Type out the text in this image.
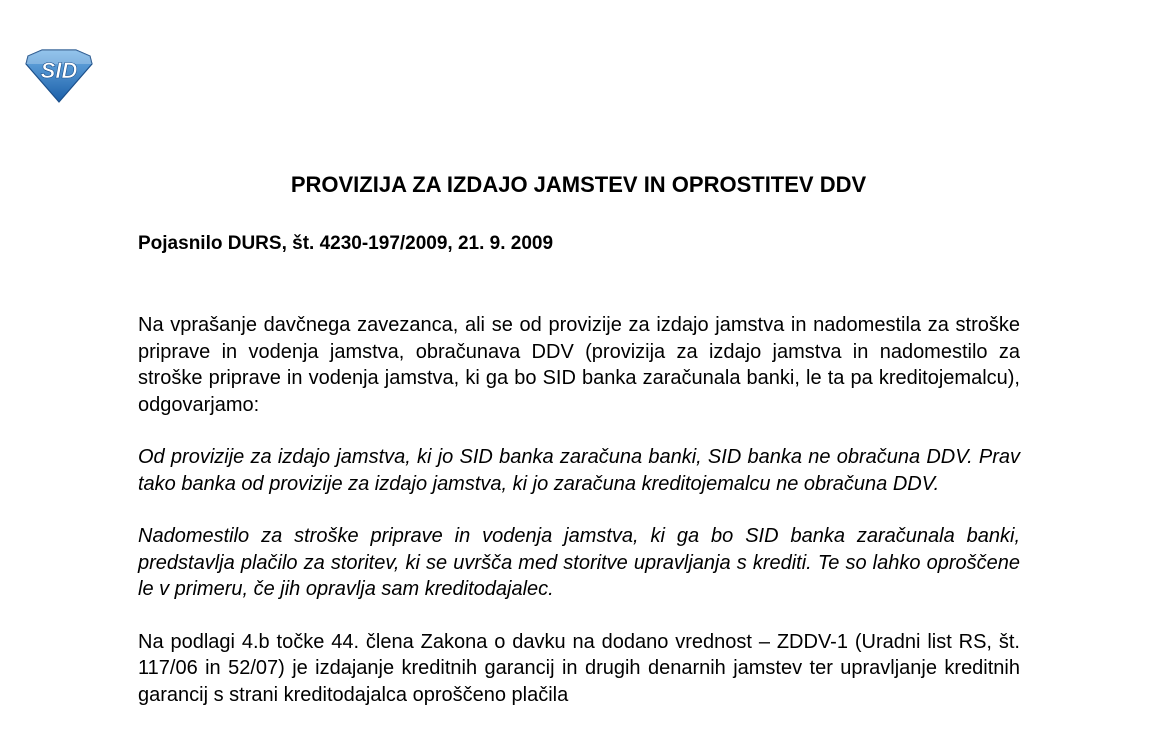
SID
PROVIZIJA ZA IZDAJO JAMSTEV IN OPROSTITEV DDV
Pojasnilo DURS, št. 4230-197/2009, 21. 9. 2009

Na vprašanje davčnega zavezanca, ali se od provizije za izdajo jamstva in nadomestila za stroške priprave in vodenja jamstva, obračunava DDV (provizija za izdajo jamstva in nadomestilo za stroške priprave in vodenja jamstva, ki ga bo SID banka zaračunala banki, le ta pa kreditojemalcu), odgovarjamo:

Od provizije za izdajo jamstva, ki jo SID banka zaračuna banki, SID banka ne obračuna DDV. Prav tako banka od provizije za izdajo jamstva, ki jo zaračuna kreditojemalcu ne obračuna DDV.

Nadomestilo za stroške priprave in vodenja jamstva, ki ga bo SID banka zaračunala banki, predstavlja plačilo za storitev, ki se uvršča med storitve upravljanja s krediti. Te so lahko oproščene le v primeru, če jih opravlja sam kreditodajalec.

Na podlagi 4.b točke 44. člena Zakona o davku na dodano vrednost – ZDDV-1 (Uradni list RS, št. 117/06 in 52/07) je izdajanje kreditnih garancij in drugih denarnih jamstev ter upravljanje kreditnih garancij s strani kreditodajalca oproščeno plačila
